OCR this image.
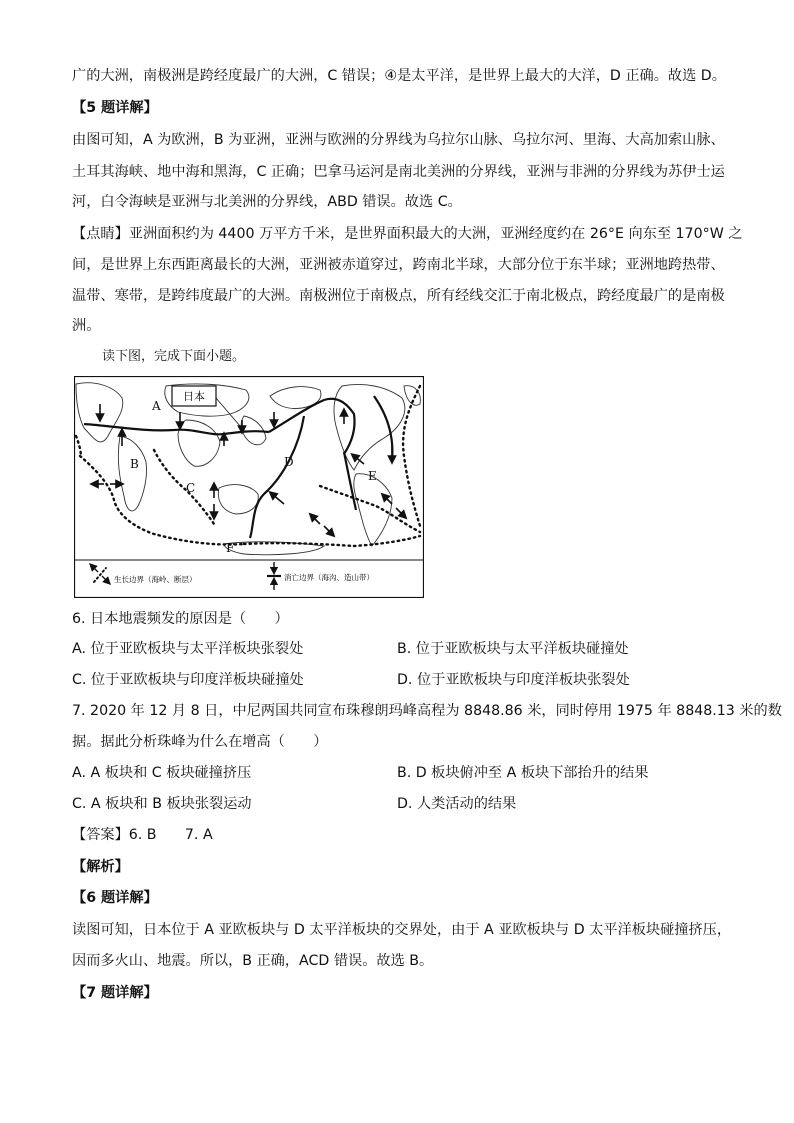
广的大洲，南极洲是跨经度最广的大洲，C 错误；④是太平洋，是世界上最大的大洋，D 正确。故选 D。
【5 题详解】
由图可知，A 为欧洲，B 为亚洲，亚洲与欧洲的分界线为乌拉尔山脉、乌拉尔河、里海、大高加索山脉、
土耳其海峡、地中海和黑海，C 正确；巴拿马运河是南北美洲的分界线，亚洲与非洲的分界线为苏伊士运
河，白令海峡是亚洲与北美洲的分界线，ABD 错误。故选 C。
【点睛】亚洲面积约为 4400 万平方千米，是世界面积最大的大洲，亚洲经度约在 26°E 向东至 170°W 之
间，是世界上东西距离最长的大洲，亚洲被赤道穿过，跨南北半球，大部分位于东半球；亚洲地跨热带、
温带、寒带，是跨纬度最广的大洲。南极洲位于南极点，所有经线交汇于南北极点，跨经度最广的是南极
洲。
读下图，完成下面小题。
日本
A
B
C
D
E
F
生长边界（海岭、断层）	消亡边界（海沟、造山带）
6. 日本地震频发的原因是（　　）
A. 位于亚欧板块与太平洋板块张裂处	B. 位于亚欧板块与太平洋板块碰撞处
C. 位于亚欧板块与印度洋板块碰撞处	D. 位于亚欧板块与印度洋板块张裂处
7. 2020 年 12 月 8 日，中尼两国共同宣布珠穆朗玛峰高程为 8848.86 米，同时停用 1975 年 8848.13 米的数
据。据此分析珠峰为什么在增高（　　）
A. A 板块和 C 板块碰撞挤压	B. D 板块俯冲至 A 板块下部抬升的结果
C. A 板块和 B 板块张裂运动	D. 人类活动的结果
【答案】6. B　　7. A
【解析】
【6 题详解】
读图可知，日本位于 A 亚欧板块与 D 太平洋板块的交界处，由于 A 亚欧板块与 D 太平洋板块碰撞挤压，
因而多火山、地震。所以，B 正确，ACD 错误。故选 B。
【7 题详解】
